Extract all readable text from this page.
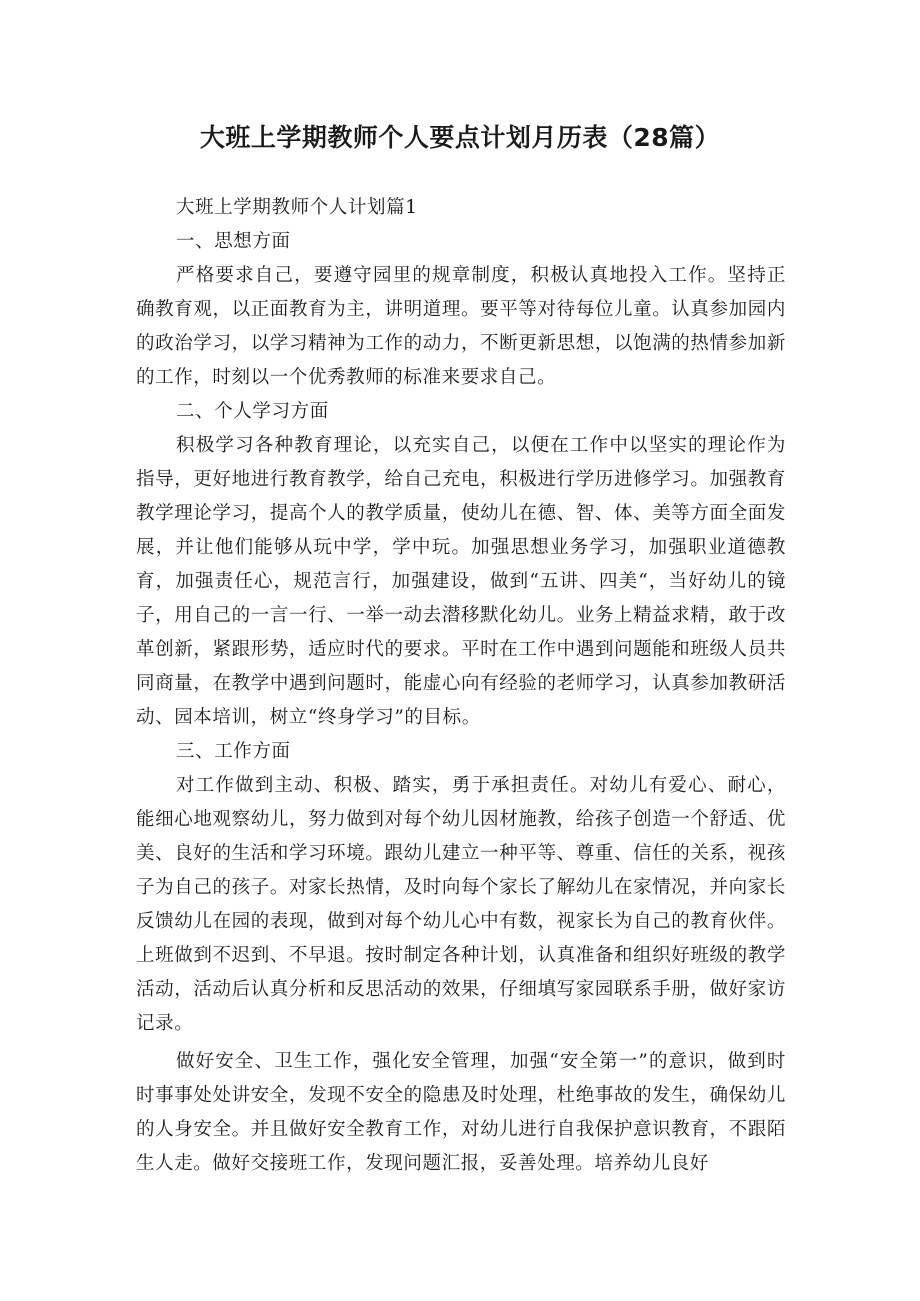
大班上学期教师个人要点计划月历表（28篇）

大班上学期教师个人计划篇1

一、思想方面

严格要求自己，要遵守园里的规章制度，积极认真地投入工作。坚持正确教育观，以正面教育为主，讲明道理。要平等对待每位儿童。认真参加园内的政治学习，以学习精神为工作的动力，不断更新思想，以饱满的热情参加新的工作，时刻以一个优秀教师的标准来要求自己。

二、个人学习方面

积极学习各种教育理论，以充实自己，以便在工作中以坚实的理论作为指导，更好地进行教育教学，给自己充电，积极进行学历进修学习。加强教育教学理论学习，提高个人的教学质量，使幼儿在德、智、体、美等方面全面发展，并让他们能够从玩中学，学中玩。加强思想业务学习，加强职业道德教育，加强责任心，规范言行，加强建设，做到“五讲、四美“，当好幼儿的镜子，用自己的一言一行、一举一动去潜移默化幼儿。业务上精益求精，敢于改革创新，紧跟形势，适应时代的要求。平时在工作中遇到问题能和班级人员共同商量，在教学中遇到问题时，能虚心向有经验的老师学习，认真参加教研活动、园本培训，树立“终身学习”的目标。

三、工作方面

对工作做到主动、积极、踏实，勇于承担责任。对幼儿有爱心、耐心，能细心地观察幼儿，努力做到对每个幼儿因材施教，给孩子创造一个舒适、优美、良好的生活和学习环境。跟幼儿建立一种平等、尊重、信任的关系，视孩子为自己的孩子。对家长热情，及时向每个家长了解幼儿在家情况，并向家长反馈幼儿在园的表现，做到对每个幼儿心中有数，视家长为自己的教育伙伴。上班做到不迟到、不早退。按时制定各种计划，认真准备和组织好班级的教学活动，活动后认真分析和反思活动的效果，仔细填写家园联系手册，做好家访记录。

做好安全、卫生工作，强化安全管理，加强“安全第一”的意识，做到时时事事处处讲安全，发现不安全的隐患及时处理，杜绝事故的发生，确保幼儿的人身安全。并且做好安全教育工作，对幼儿进行自我保护意识教育，不跟陌生人走。做好交接班工作，发现问题汇报，妥善处理。培养幼儿良好
